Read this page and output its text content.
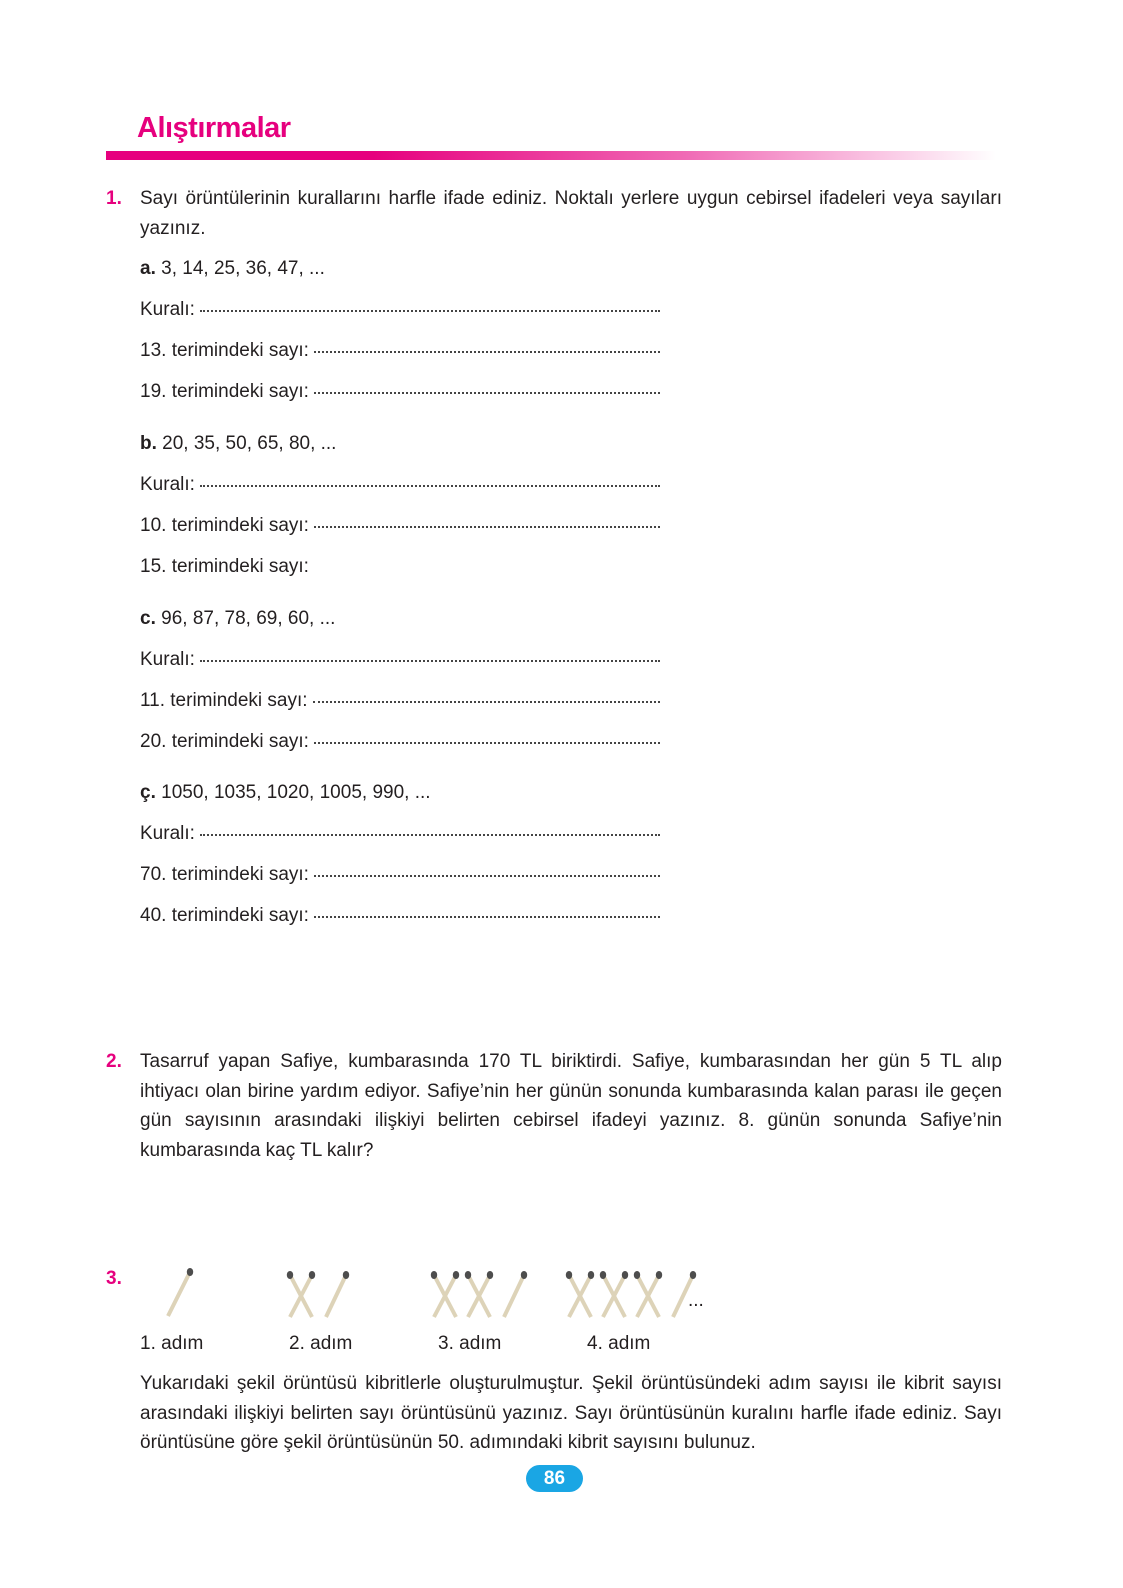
Alıştırmalar
1. Sayı örüntülerinin kurallarını harfle ifade ediniz. Noktalı yerlere uygun cebirsel ifadeleri veya sayıları yazınız.
a. 3, 14, 25, 36, 47, ...
Kuralı:
13. terimindeki sayı:
19. terimindeki sayı:
b. 20, 35, 50, 65, 80, ...
Kuralı:
10. terimindeki sayı:
15. terimindeki sayı:
c. 96, 87, 78, 69, 60, ...
Kuralı:
11. terimindeki sayı:
20. terimindeki sayı:
ç. 1050, 1035, 1020, 1005, 990, ...
Kuralı:
70. terimindeki sayı:
40. terimindeki sayı:
2. Tasarruf yapan Safiye, kumbarasında 170 TL biriktirdi. Safiye, kumbarasından her gün 5 TL alıp ihtiyacı olan birine yardım ediyor. Safiye’nin her günün sonunda kumbarasında kalan parası ile geçen gün sayısının arasındaki ilişkiyi belirten cebirsel ifadeyi yazınız. 8. günün sonunda Safiye’nin kumbarasında kaç TL kalır?
3.
...
1. adım	2. adım	3. adım	4. adım
Yukarıdaki şekil örüntüsü kibritlerle oluşturulmuştur. Şekil örüntüsündeki adım sayısı ile kibrit sayısı arasındaki ilişkiyi belirten sayı örüntüsünü yazınız. Sayı örüntüsünün kuralını harfle ifade ediniz. Sayı örüntüsüne göre şekil örüntüsünün 50. adımındaki kibrit sayısını bulunuz.
86
